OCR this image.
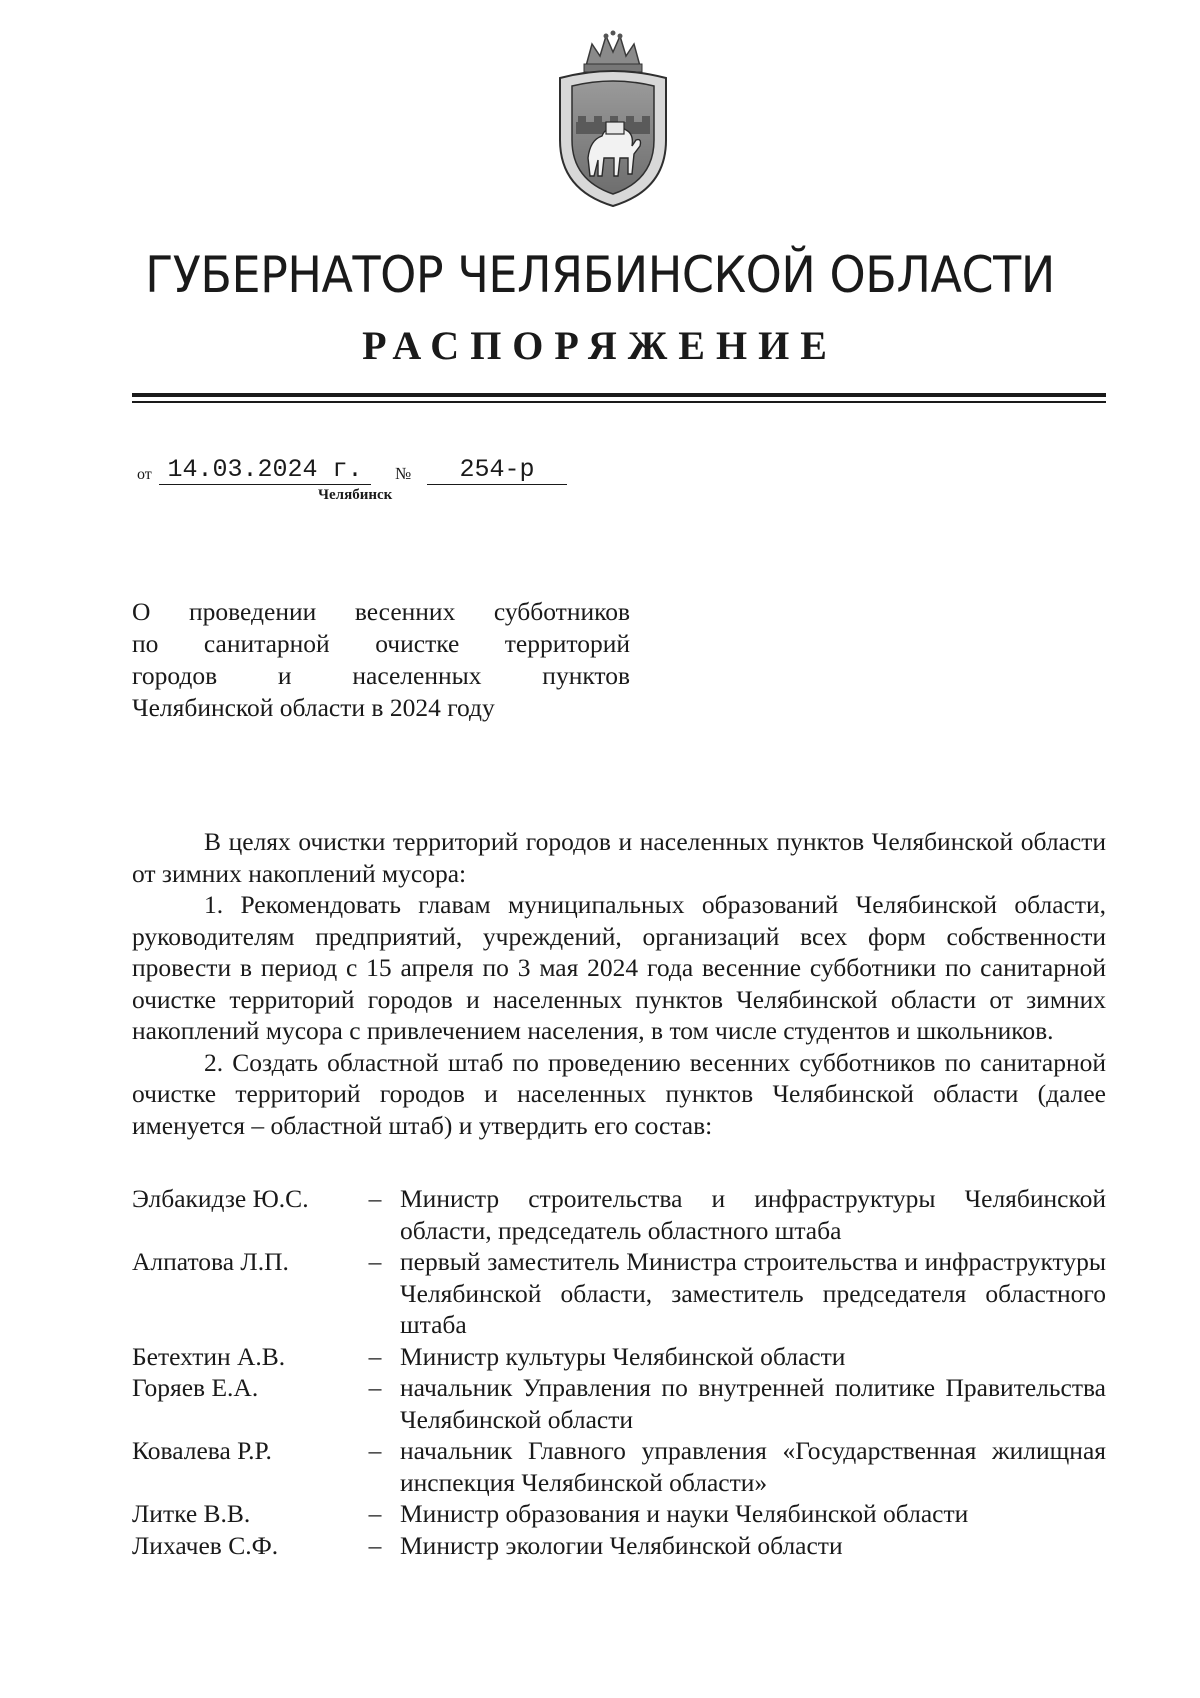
ГУБЕРНАТОР ЧЕЛЯБИНСКОЙ ОБЛАСТИ
РАСПОРЯЖЕНИЕ
от 14.03.2024 г.	№	254-р
Челябинск
О проведении весенних субботников
по санитарной очистке территорий
городов и населенных пунктов
Челябинской области в 2024 году

В целях очистки территорий городов и населенных пунктов Челябинской области от зимних накоплений мусора:

1. Рекомендовать главам муниципальных образований Челябинской области, руководителям предприятий, учреждений, организаций всех форм собственности провести в период с 15 апреля по 3 мая 2024 года весенние субботники по санитарной очистке территорий городов и населенных пунктов Челябинской области от зимних накоплений мусора с привлечением населения, в том числе студентов и школьников.

2. Создать областной штаб по проведению весенних субботников по санитарной очистке территорий городов и населенных пунктов Челябинской области (далее именуется – областной штаб) и утвердить его состав:

Элбакидзе Ю.С.	– Министр строительства и инфраструктуры Челябинской области, председатель областного штаба
Алпатова Л.П.	– первый заместитель Министра строительства и инфраструктуры Челябинской области, заместитель председателя областного штаба
Бетехтин А.В.	– Министр культуры Челябинской области
Горяев Е.А.	– начальник Управления по внутренней политике Правительства Челябинской области
Ковалева Р.Р.	– начальник Главного управления «Государственная жилищная инспекция Челябинской области»
Литке В.В.	– Министр образования и науки Челябинской области
Лихачев С.Ф.	– Министр экологии Челябинской области
